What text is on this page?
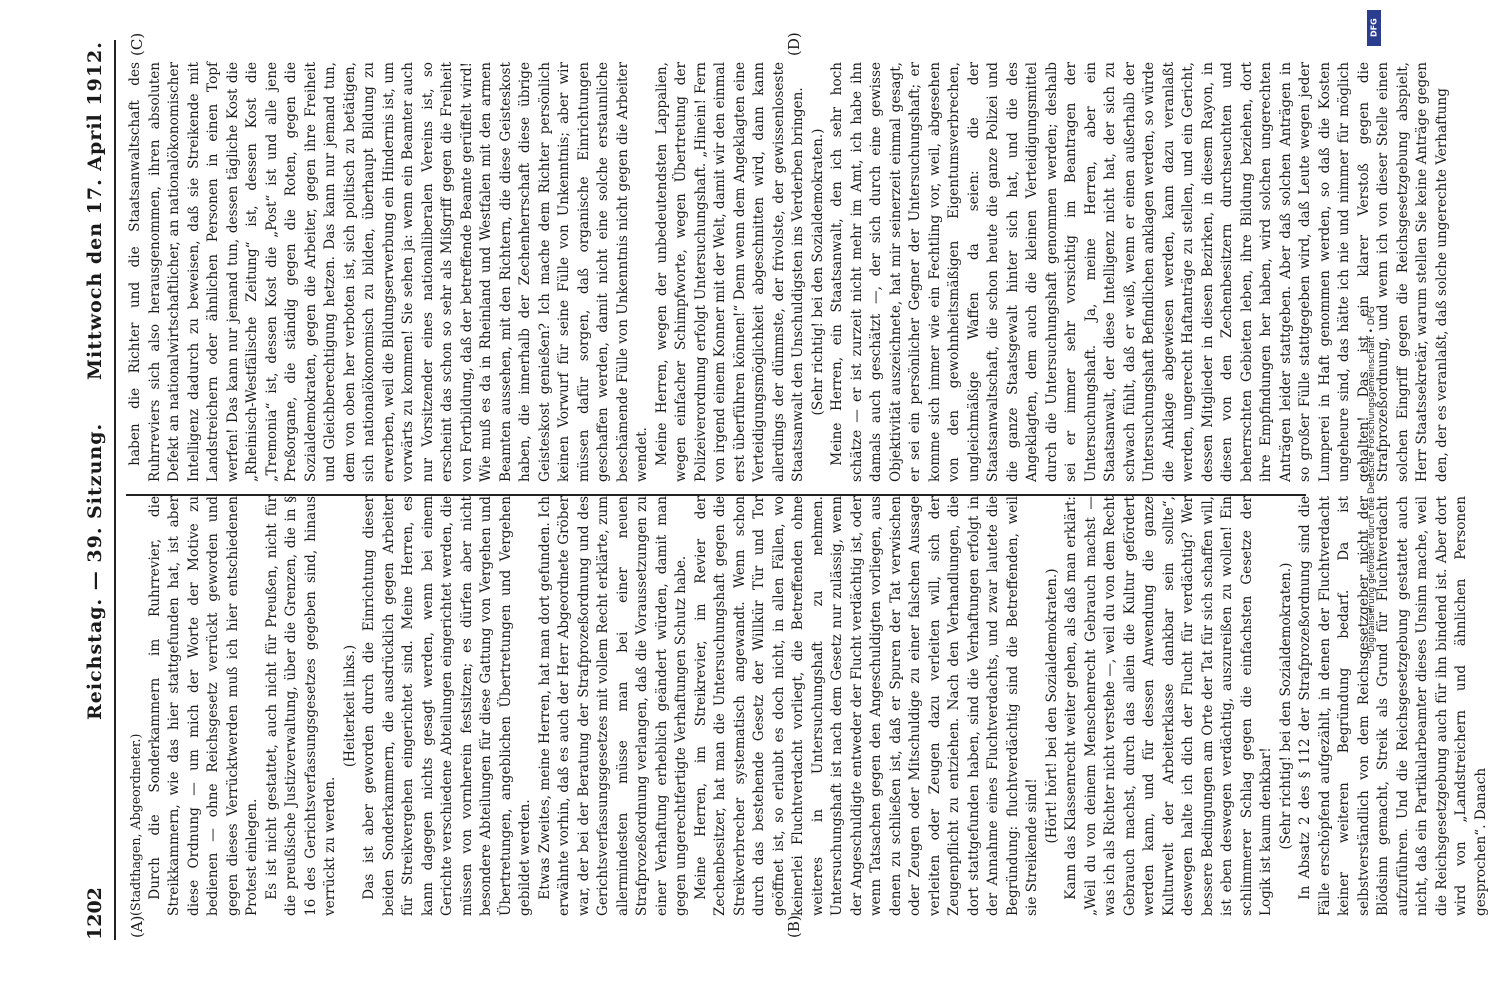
1202
Reichstag. — 39. Sitzung.
Mittwoch den 17. April 1912.
(A)	(B)
(C)	(D)

(Stadthagen, Abgeordneter.) Durch die Sonderkammern im Ruhrrevier, die Streikkammern, wie das hier stattgefunden hat, ist aber diese Ordnung — um mich der Worte der Motive zu bedienen — ohne Reichsgesetz verrückt geworden und gegen dieses Verrücktwerden muß ich hier entschiedenen Protest einlegen. Es ist nicht gestattet, auch nicht für Preußen, nicht für die preußische Justizverwaltung, über die Grenzen, die in § 16 des Gerichtsverfassungsgesetzes gegeben sind, hinaus verrückt zu werden.

(Heiterkeit links.) Das ist aber geworden durch die Einrichtung dieser beiden Sonderkammern, die ausdrücklich gegen Arbeiter für Streikvergehen eingerichtet sind. Meine Herren, es kann dagegen nichts gesagt werden, wenn bei einem Gerichte verschiedene Abteilungen eingerichtet werden, die müssen von vornherein festsitzen; es dürfen aber nicht besondere Abteilungen für diese Gattung von Vergehen und Übertretungen, angeblichen Übertretungen und Vergehen gebildet werden. Etwas Zweites, meine Herren, hat man dort gefunden. Ich erwähnte vorhin, daß es auch der Herr Abgeordnete Gröber war, der bei der Beratung der Strafprozeßordnung und des Gerichtsverfassungsgesetzes mit vollem Recht erklärte, zum allermindesten müsse man bei einer neuen Strafprozeßordnung verlangen, daß die Voraussetzungen zu einer Verhaftung erheblich geändert würden, damit man gegen ungerechtfertigte Verhaftungen Schutz habe. Meine Herren, im Streikrevier, im Revier der Zechenbesitzer, hat man die Untersuchungshaft gegen die Streikverbrecher systematisch angewandt. Wenn schon durch das bestehende Gesetz der Willkür Tür und Tor geöffnet ist, so erlaubt es doch nicht, in allen Fällen, wo keinerlei Fluchtverdacht vorliegt, die Betreffenden ohne weiteres in Untersuchungshaft zu nehmen. Untersuchungshaft ist nach dem Gesetz nur zulässig, wenn der Angeschuldigte entweder der Flucht verdächtig ist, oder wenn Tatsachen gegen den Angeschuldigten vorliegen, aus denen zu schließen ist, daß er Spuren der Tat verwischen oder Zeugen oder Mitschuldige zu einer falschen Aussage verleiten oder Zeugen dazu verleiten will, sich der Zeugenpflicht zu entziehen. Nach den Verhandlungen, die dort stattgefunden haben, sind die Verhaftungen erfolgt in der Annahme eines Fluchtverdachts, und zwar lautete die Begründung: fluchtverdächtig sind die Betreffenden, weil sie Streikende sind!

(Hört! hört! bei den Sozialdemokraten.) Kann das Klassenrecht weiter gehen, als daß man erklärt: „Weil du von deinem Menschenrecht Gebrauch machst — was ich als Richter nicht verstehe —, weil du von dem Recht Gebrauch machst, durch das allein die Kultur gefördert werden kann, und für dessen Anwendung die ganze Kulturwelt der Arbeiterklasse dankbar sein sollte“, deswegen halte ich dich der Flucht für verdächtig? Wer bessere Bedingungen am Orte der Tat für sich schaffen will, ist eben deswegen verdächtig, auszureißen zu wollen! Ein schlimmerer Schlag gegen die einfachsten Gesetze der Logik ist kaum denkbar! (Sehr richtig! bei den Sozialdemokraten.) In Absatz 2 des § 112 der Strafprozeßordnung sind die Fälle erschöpfend aufgezählt, in denen der Fluchtverdacht keiner weiteren Begründung bedarf. Da ist selbstverständlich von dem Reichsgesetzgeber nicht der Blödsinn gemacht, Streik als Grund für Fluchtverdacht aufzuführen. Und die Reichsgesetzgebung gestattet auch nicht, daß ein Partikularbeamter dieses Unsinn mache, weil die Reichsgesetzgebung auch für ihn bindend ist. Aber dort wird von „Landstreichern und ähnlichen Personen gesprochen“. Danach

haben die Richter und die Staatsanwaltschaft des Ruhrreviers sich also herausgenommen, ihren absoluten Defekt an nationalwirtschaftlicher, an nationalökonomischer Intelligenz dadurch zu beweisen, daß sie Streikende mit Landstreichern oder ähnlichen Personen in einen Topf werfen! Das kann nur jemand tun, dessen tägliche Kost die „Rheinisch-Westfälische Zeitung“ ist, dessen Kost die „Tremonia“ ist, dessen Kost die „Post“ ist und alle jene Preßorgane, die ständig gegen die Roten, gegen die Sozialdemokraten, gegen die Arbeiter, gegen ihre Freiheit und Gleichberechtigung hetzen. Das kann nur jemand tun, dem von oben her verboten ist, sich politisch zu betätigen, sich nationalökonomisch zu bilden, überhaupt Bildung zu erwerben, weil die Bildungserwerbung ein Hindernis ist, um vorwärts zu kommen! Sie sehen ja: wenn ein Beamter auch nur Vorsitzender eines nationalliberalen Vereins ist, so erscheint das schon so sehr als Mißgriff gegen die Freiheit von Fortbildung, daß der betreffende Beamte gerüffelt wird! Wie muß es da in Rheinland und Westfalen mit den armen Beamten aussehen, mit den Richtern, die diese Geisteskost haben, die innerhalb der Zechenherrschaft diese übrige Geisteskost genießen? Ich mache dem Richter persönlich keinen Vorwurf für seine Fülle von Unkenntnis; aber wir müssen dafür sorgen, daß organische Einrichtungen geschaffen werden, damit nicht eine solche erstaunliche beschämende Fülle von Unkenntnis nicht gegen die Arbeiter wendet. Meine Herren, wegen der unbedeutendsten Lappalien, wegen einfacher Schimpfworte, wegen Übertretung der Polizeiverordnung erfolgt Untersuchungshaft. „Hinein! Fern von irgend einem Konner mit der Welt, damit wir den einmal erst überführen können!“ Denn wenn dem Angeklagten eine Verteidigungsmöglichkeit abgeschnitten wird, dann kann allerdings der dümmste, der frivolste, der gewissenloseste Staatsanwalt den Unschuldigsten ins Verderben bringen. (Sehr richtig! bei den Sozialdemokraten.) Meine Herren, ein Staatsanwalt, den ich sehr hoch schätze — er ist zurzeit nicht mehr im Amt, ich habe ihn damals auch geschätzt —, der sich durch eine gewisse Objektivität auszeichnete, hat mir seinerzeit einmal gesagt, er sei ein persönlicher Gegner der Untersuchungshaft; er komme sich immer wie ein Fechtling vor, weil, abgesehen von den gewohnheitsmäßigen Eigentumsverbrechen, ungleichmäßige Waffen da seien: die der Staatsanwaltschaft, die schon heute die ganze Polizei und die ganze Staatsgewalt hinter sich hat, und die des Angeklagten, dem auch die kleinen Verteidigungsmittel durch die Untersuchungshaft genommen werden; deshalb sei er immer sehr vorsichtig im Beantragen der Untersuchungshaft. Ja, meine Herren, aber ein Staatsanwalt, der diese Intelligenz nicht hat, der sich zu schwach fühlt, daß er weiß, wenn er einen außerhalb der Untersuchungshaft Befindlichen anklagen werden, so würde die Anklage abgewiesen werden, kann dazu veranlaßt werden, ungerecht Haftanträge zu stellen, und ein Gericht, dessen Mitglieder in diesen Bezirken, in diesem Rayon, in diesen von den Zechenbesitzern durchseuchten und beherrschten Gebieten leben, ihre Bildung beziehen, dort ihre Empfindungen her haben, wird solchen ungerechten Anträgen leider stattgeben. Aber daß solchen Anträgen in so großer Fülle stattgegeben wird, daß Leute wegen jeder Lumperei in Haft genommen werden, so daß die Kosten ungeheure sind, das hätte ich nie und nimmer für möglich gehalten! Das ist ein klarer Verstoß gegen die Strafprozeßordnung, und wenn ich von dieser Stelle einen solchen Eingriff gegen die Reichsgesetzgebung abspielt, Herr Staatssekretär, warum stellen Sie keine Anträge gegen den, der es veranlaßt, daß solche ungerechte Verhaftung

DFG
Digitalisierung gefördert durch die Deutsche Forschungsgemeinschaft • DFG
